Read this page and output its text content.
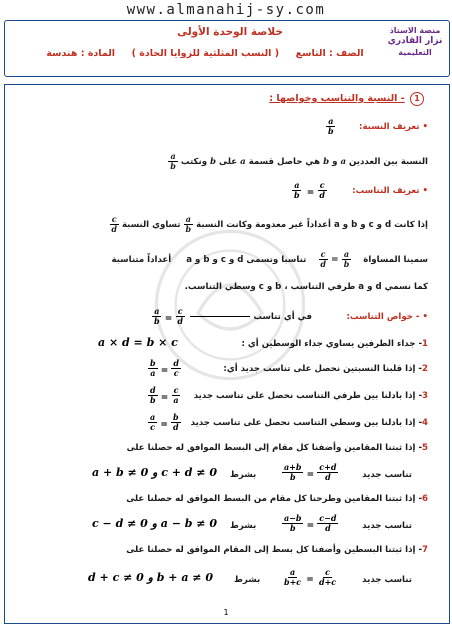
www.almanahij-sy.com
منصة الاستاذ
نزار القادري
التعليمية
خلاصة الوحدة الأولى
الصف : التاسع     ( النسب المثلثية للزوايا الحادة )     المادة : هندسة
1 - النسبة والتناسب وخواصها :
• تعريف النسبة:
$\frac{a}{b}$
النسبة بين العددين a و b هي حاصل قسمة a على b ونكتب
$\frac{a}{b}$
• تعريف التناسب:
$\frac{a}{b} = \frac{c}{d}$
إذا كانت d و c و b و a أعداداً غير معدومة وكانت النسبة
$\frac{a}{b}$
تساوي النسبة
$\frac{c}{d}$
سمينا المساواة
$\frac{a}{b}$
=
$\frac{c}{d}$
تناسبا وتسمى d و c و b و a     أعداداً متناسبة
كما نسمي d و a طرفي التناسب ، b و c وسطي التناسب.
• - خواص التناسب:
في أي تناسب
$\frac{a}{b} = \frac{c}{d}$
1- جداء الطرفين يساوي جداء الوسطين أي :
a × d = b × c
2- إذا قلبنا النسبتين نحصل على تناسب جديد أي:
$\frac{b}{a} = \frac{d}{c}$
3- إذا بادلنا بين طرفي التناسب نحصل على تناسب جديد
$\frac{d}{b} = \frac{c}{a}$
4- إذا بادلنا بين وسطي التناسب نحصل على تناسب جديد
$\frac{a}{c} = \frac{b}{d}$
5- إذا ثبتنا المقامين وأضفنا كل مقام إلى البسط الموافق له حصلنا على
تناسب جديد
$\frac{a+b}{b} = \frac{c+d}{d}$
بشرط
a + b ≠ 0 و c + d ≠ 0
6- إذا ثبتنا المقامين وطرحنا كل مقام من البسط الموافق له حصلنا على
تناسب جديد
$\frac{a-b}{b} = \frac{c-d}{d}$
بشرط
c − d ≠ 0 و a − b ≠ 0
7- إذا ثبتنا البسطين وأضفنا كل بسط إلى المقام الموافق له حصلنا على
تناسب جديد
$\frac{a}{b+c} = \frac{c}{d+c}$
بشرط
d + c ≠ 0 و b + a ≠ 0
1
